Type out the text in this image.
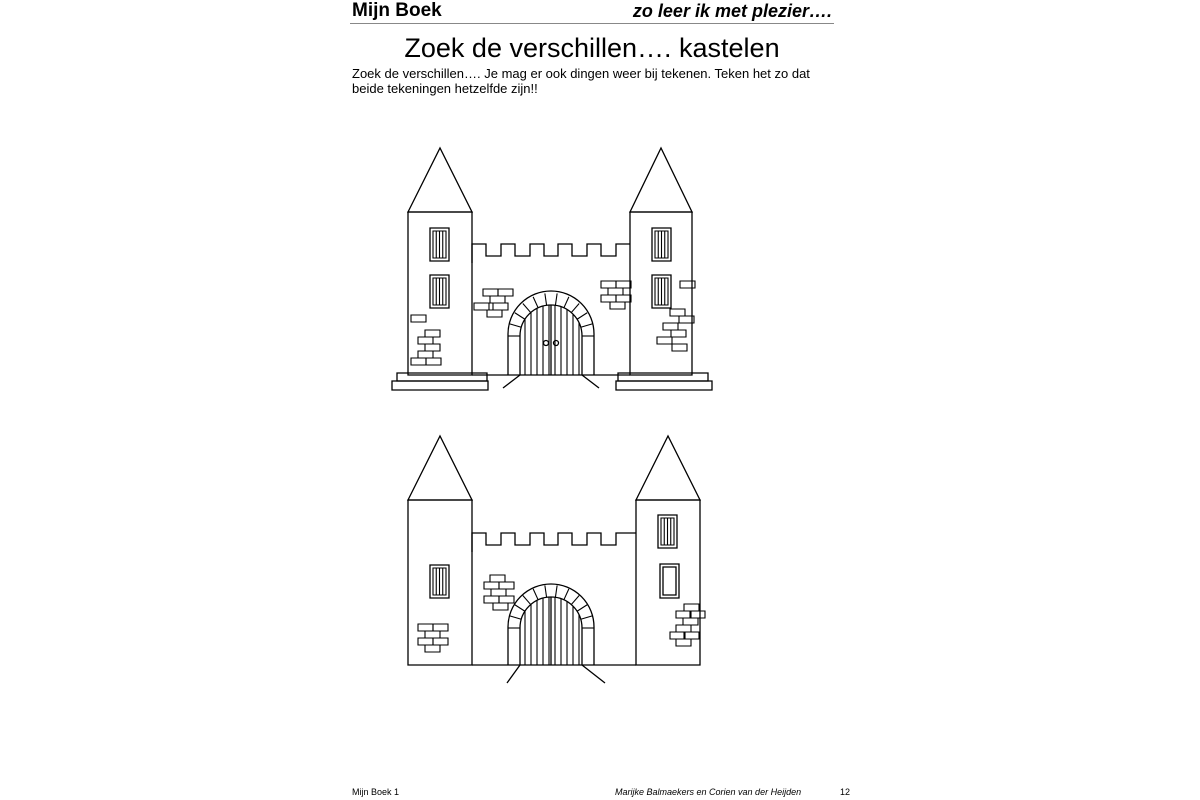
Mijn Boek	zo leer ik met plezier….
Zoek de verschillen…. kastelen
Zoek de verschillen…. Je mag er ook dingen weer bij tekenen. Teken het zo dat beide tekeningen hetzelfde zijn!!
Mijn Boek 1	Marijke Balmaekers en Corien van der Heijden	12
